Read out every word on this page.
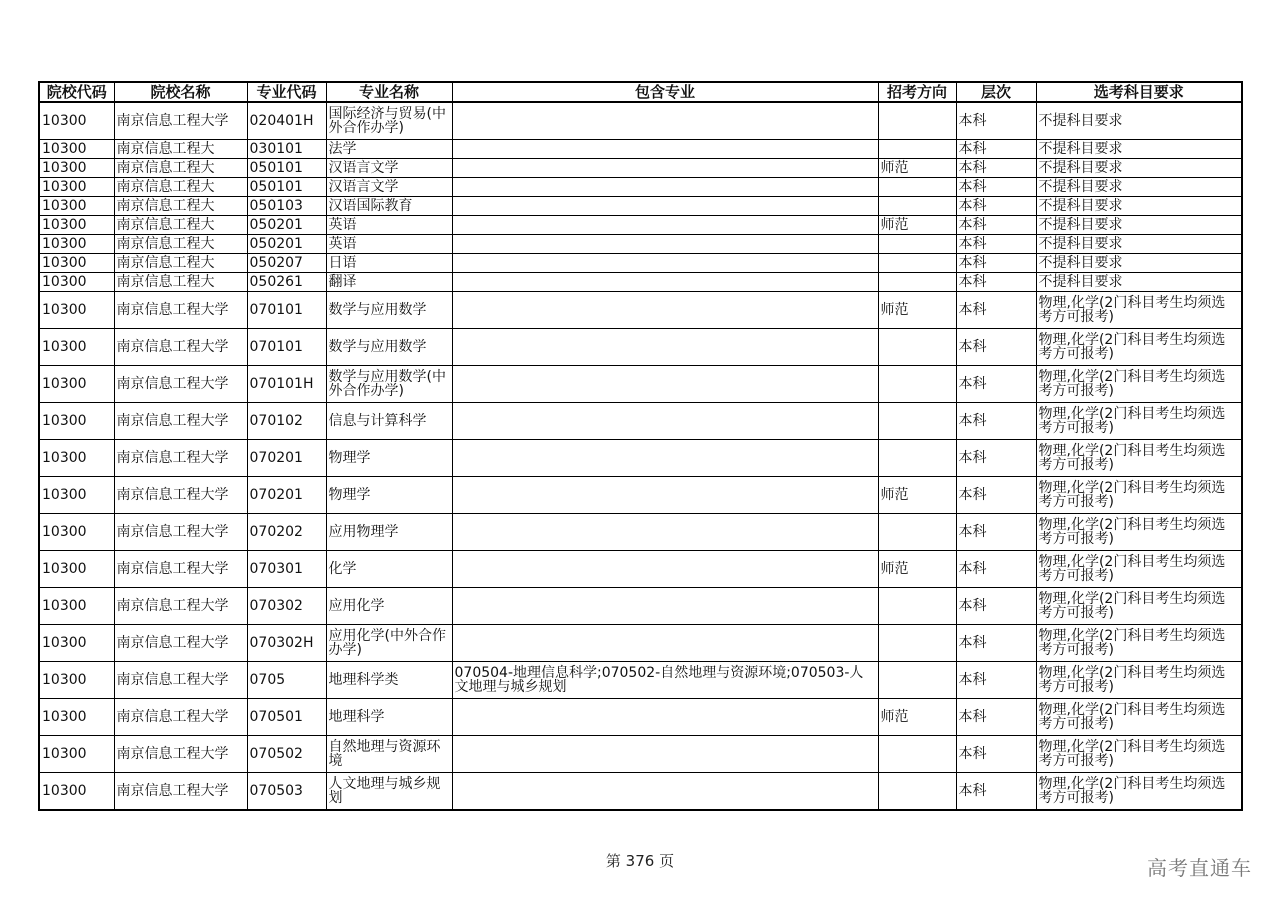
院校代码	院校名称	专业代码	专业名称	包含专业	招考方向	层次	选考科目要求
10300	南京信息工程大学	020401H	国际经济与贸易(中外合作办学)			本科	不提科目要求
10300	南京信息工程大	030101	法学			本科	不提科目要求
10300	南京信息工程大	050101	汉语言文学		师范	本科	不提科目要求
10300	南京信息工程大	050101	汉语言文学			本科	不提科目要求
10300	南京信息工程大	050103	汉语国际教育			本科	不提科目要求
10300	南京信息工程大	050201	英语		师范	本科	不提科目要求
10300	南京信息工程大	050201	英语			本科	不提科目要求
10300	南京信息工程大	050207	日语			本科	不提科目要求
10300	南京信息工程大	050261	翻译			本科	不提科目要求
10300	南京信息工程大学	070101	数学与应用数学		师范	本科	物理,化学(2门科目考生均须选考方可报考)
10300	南京信息工程大学	070101	数学与应用数学			本科	物理,化学(2门科目考生均须选考方可报考)
10300	南京信息工程大学	070101H	数学与应用数学(中外合作办学)			本科	物理,化学(2门科目考生均须选考方可报考)
10300	南京信息工程大学	070102	信息与计算科学			本科	物理,化学(2门科目考生均须选考方可报考)
10300	南京信息工程大学	070201	物理学			本科	物理,化学(2门科目考生均须选考方可报考)
10300	南京信息工程大学	070201	物理学		师范	本科	物理,化学(2门科目考生均须选考方可报考)
10300	南京信息工程大学	070202	应用物理学			本科	物理,化学(2门科目考生均须选考方可报考)
10300	南京信息工程大学	070301	化学		师范	本科	物理,化学(2门科目考生均须选考方可报考)
10300	南京信息工程大学	070302	应用化学			本科	物理,化学(2门科目考生均须选考方可报考)
10300	南京信息工程大学	070302H	应用化学(中外合作办学)			本科	物理,化学(2门科目考生均须选考方可报考)
10300	南京信息工程大学	0705	地理科学类	070504-地理信息科学;070502-自然地理与资源环境;070503-人文地理与城乡规划		本科	物理,化学(2门科目考生均须选考方可报考)
10300	南京信息工程大学	070501	地理科学		师范	本科	物理,化学(2门科目考生均须选考方可报考)
10300	南京信息工程大学	070502	自然地理与资源环境			本科	物理,化学(2门科目考生均须选考方可报考)
10300	南京信息工程大学	070503	人文地理与城乡规划			本科	物理,化学(2门科目考生均须选考方可报考)
第 376 页	高考直通车
